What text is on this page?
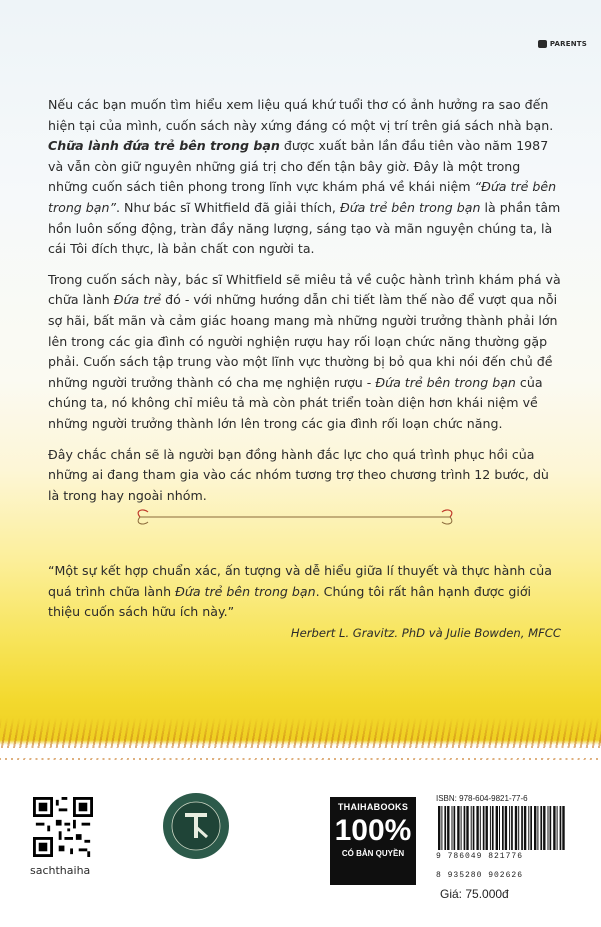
PARENTS

Nếu các bạn muốn tìm hiểu xem liệu quá khứ tuổi thơ có ảnh hưởng ra sao đến hiện tại của mình, cuốn sách này xứng đáng có một vị trí trên giá sách nhà bạn. Chữa lành đứa trẻ bên trong bạn được xuất bản lần đầu tiên vào năm 1987 và vẫn còn giữ nguyên những giá trị cho đến tận bây giờ. Đây là một trong những cuốn sách tiên phong trong lĩnh vực khám phá về khái niệm “Đứa trẻ bên trong bạn”. Như bác sĩ Whitfield đã giải thích, Đứa trẻ bên trong bạn là phần tâm hồn luôn sống động, tràn đầy năng lượng, sáng tạo và mãn nguyện chúng ta, là cái Tôi đích thực, là bản chất con người ta.

Trong cuốn sách này, bác sĩ Whitfield sẽ miêu tả về cuộc hành trình khám phá và chữa lành Đứa trẻ đó - với những hướng dẫn chi tiết làm thế nào để vượt qua nỗi sợ hãi, bất mãn và cảm giác hoang mang mà những người trưởng thành phải lớn lên trong các gia đình có người nghiện rượu hay rối loạn chức năng thường gặp phải. Cuốn sách tập trung vào một lĩnh vực thường bị bỏ qua khi nói đến chủ đề những người trưởng thành có cha mẹ nghiện rượu - Đứa trẻ bên trong bạn của chúng ta, nó không chỉ miêu tả mà còn phát triển toàn diện hơn khái niệm về những người trưởng thành lớn lên trong các gia đình rối loạn chức năng.

Đây chắc chắn sẽ là người bạn đồng hành đắc lực cho quá trình phục hồi của những ai đang tham gia vào các nhóm tương trợ theo chương trình 12 bước, dù là trong hay ngoài nhóm.

“Một sự kết hợp chuẩn xác, ấn tượng và dễ hiểu giữa lí thuyết và thực hành của quá trình chữa lành Đứa trẻ bên trong bạn. Chúng tôi rất hân hạnh được giới thiệu cuốn sách hữu ích này.”

Herbert L. Gravitz. PhD và Julie Bowden, MFCC
sachthaiha
THAIHABOOKS
100%
CÓ BẢN QUYỀN
ISBN: 978-604-9821-77-6
9 786049 821776
8 935280 902626
Giá: 75.000đ
